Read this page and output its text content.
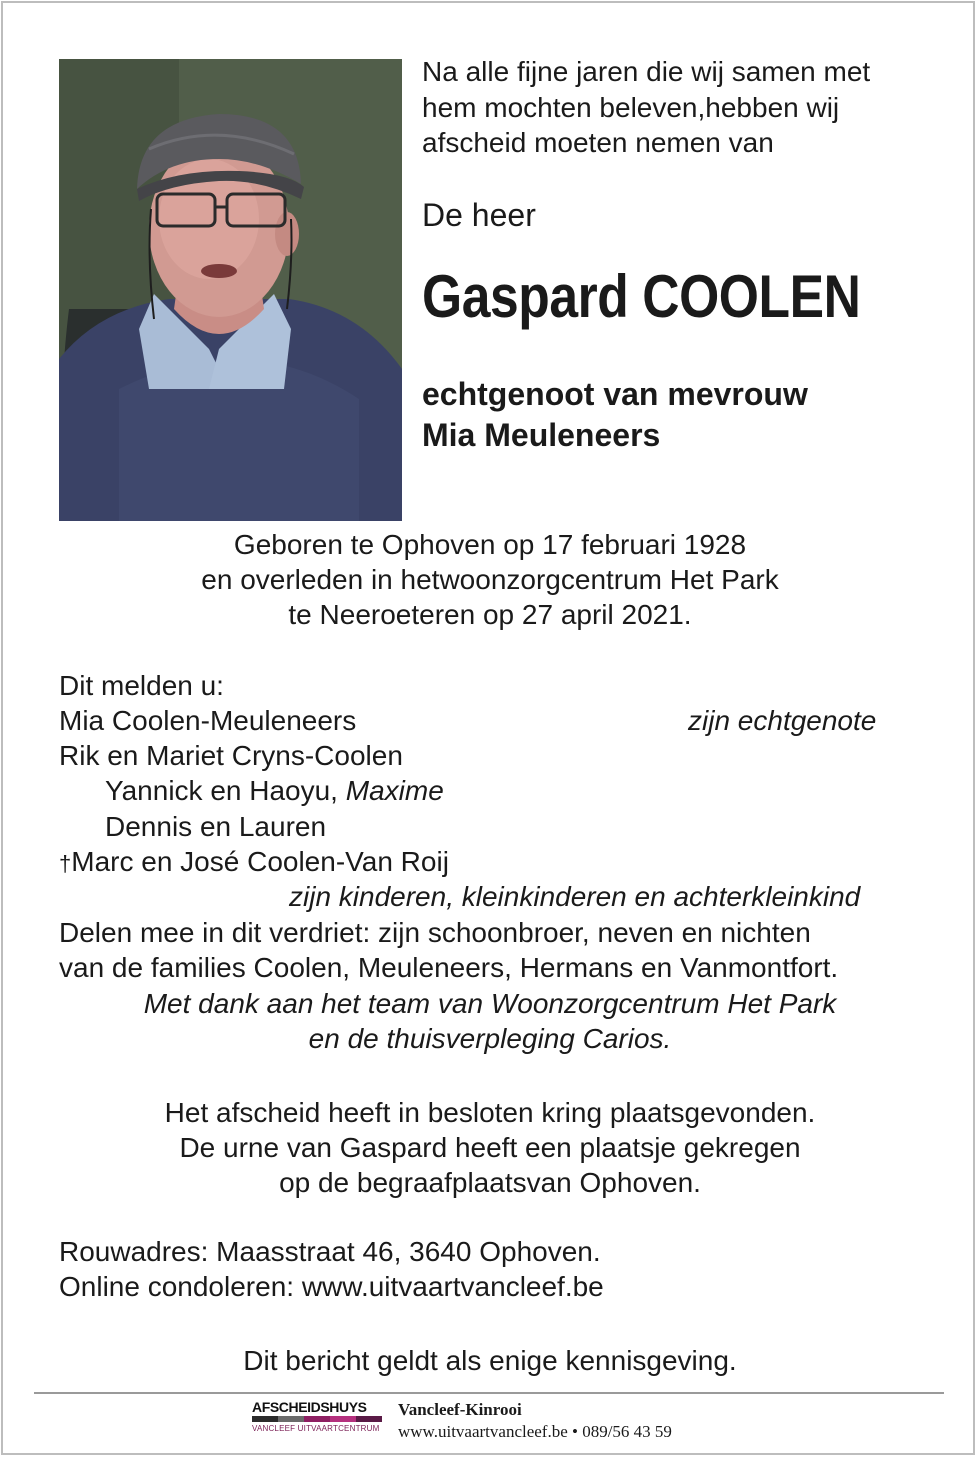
Na alle fijne jaren die wij samen met
hem mochten beleven,hebben wij
afscheid moeten nemen van
De heer
Gaspard COOLEN
echtgenoot van mevrouw
Mia Meuleneers
Geboren te Ophoven op 17 februari 1928
en overleden in hetwoonzorgcentrum Het Park
te Neeroeteren op 27 april 2021.
Dit melden u:
Mia Coolen-Meuleneers	zijn echtgenote
Rik en Mariet Cryns-Coolen
Yannick en Haoyu, Maxime
Dennis en Lauren
†Marc en José Coolen-Van Roij
zijn kinderen, kleinkinderen en achterkleinkind
Delen mee in dit verdriet: zijn schoonbroer, neven en nichten
van de families Coolen, Meuleneers, Hermans en Vanmontfort.
Met dank aan het team van Woonzorgcentrum Het Park
en de thuisverpleging Carios.
Het afscheid heeft in besloten kring plaatsgevonden.
De urne van Gaspard heeft een plaatsje gekregen
op de begraafplaatsvan Ophoven.
Rouwadres: Maasstraat 46, 3640 Ophoven.
Online condoleren: www.uitvaartvancleef.be
Dit bericht geldt als enige kennisgeving.
AFSCHEIDSHUYS
VANCLEEF UITVAARTCENTRUM
Vancleef-Kinrooi
www.uitvaartvancleef.be • 089/56 43 59
